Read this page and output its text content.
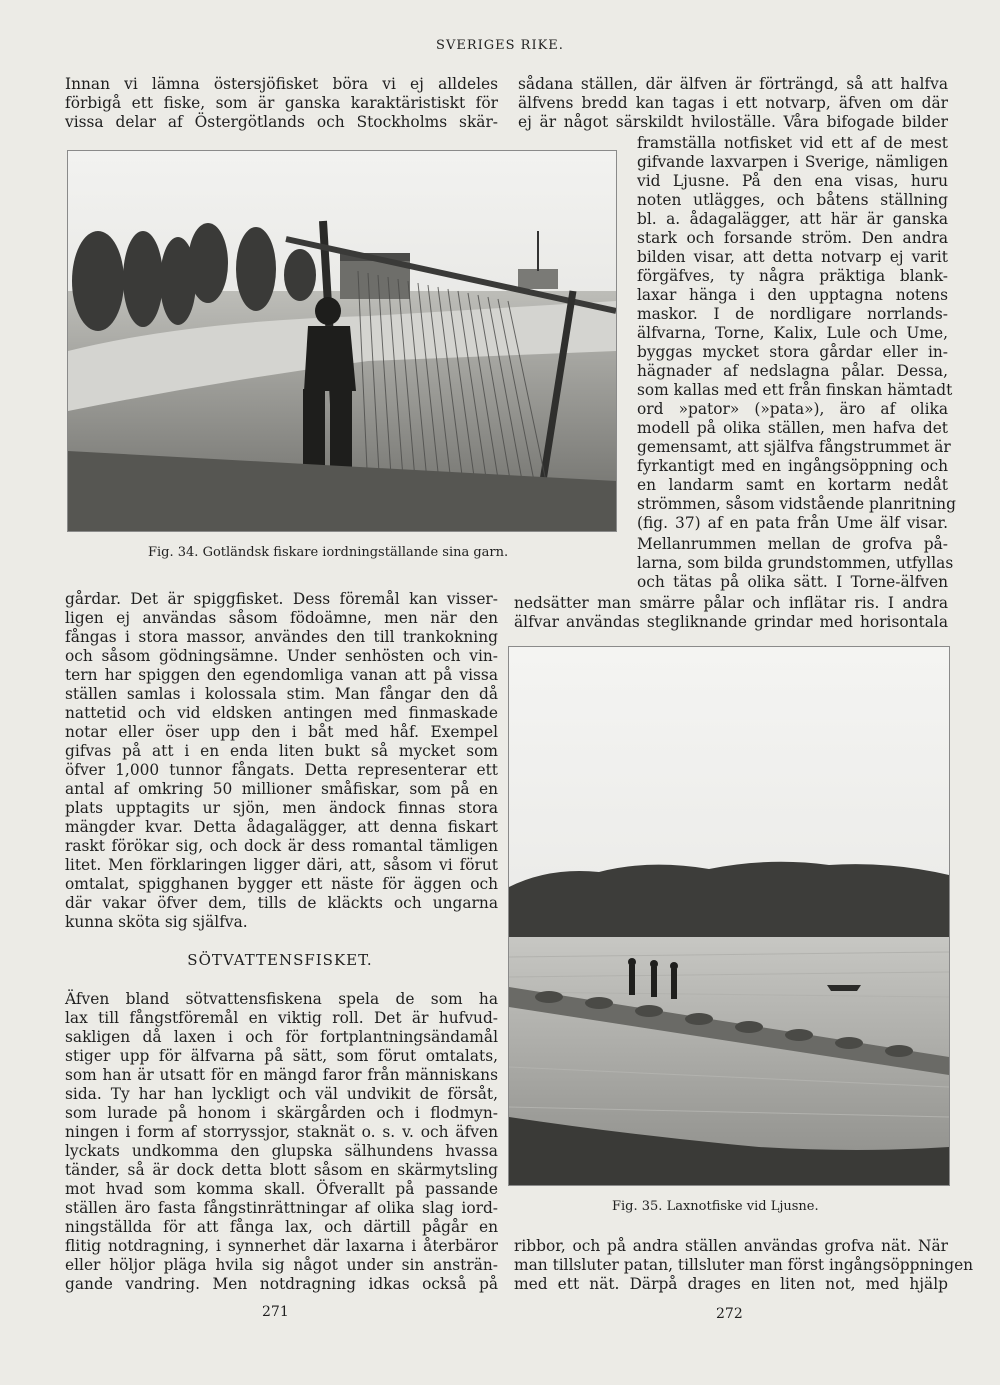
SVERIGES RIKE.
Innan vi lämna östersjöfisket böra vi ej alldeles
förbigå ett fiske, som är ganska karaktäristiskt för
vissa delar af Östergötlands och Stockholms skär-
Fig. 34. Gotländsk fiskare iordningställande sina garn.
gårdar. Det är spiggfisket. Dess föremål kan visser-
ligen ej användas såsom födoämne, men när den
fångas i stora massor, användes den till trankokning
och såsom gödningsämne. Under senhösten och vin-
tern har spiggen den egendomliga vanan att på vissa
ställen samlas i kolossala stim. Man fångar den då
nattetid och vid eldsken antingen med finmaskade
notar eller öser upp den i båt med håf. Exempel
gifvas på att i en enda liten bukt så mycket som
öfver 1,000 tunnor fångats. Detta representerar ett
antal af omkring 50 millioner småfiskar, som på en
plats upptagits ur sjön, men ändock finnas stora
mängder kvar. Detta ådagalägger, att denna fiskart
raskt förökar sig, och dock är dess romantal tämligen
litet. Men förklaringen ligger däri, att, såsom vi förut
omtalat, spigghanen bygger ett näste för äggen och
där vakar öfver dem, tills de kläckts och ungarna
kunna sköta sig själfva.
SÖTVATTENSFISKET.
Äfven bland sötvattensfiskena spela de som ha
lax till fångstföremål en viktig roll. Det är hufvud-
sakligen då laxen i och för fortplantningsändamål
stiger upp för älfvarna på sätt, som förut omtalats,
som han är utsatt för en mängd faror från människans
sida. Ty har han lyckligt och väl undvikit de försåt,
som lurade på honom i skärgården och i flodmyn-
ningen i form af storryssjor, staknät o. s. v. och äfven
lyckats undkomma den glupska sälhundens hvassa
tänder, så är dock detta blott såsom en skärmytsling
mot hvad som komma skall. Öfverallt på passande
ställen äro fasta fångstinrättningar af olika slag iord-
ningställda för att fånga lax, och därtill pågår en
flitig notdragning, i synnerhet där laxarna i återbäror
eller höljor pläga hvila sig något under sin ansträn-
gande vandring. Men notdragning idkas också på
271
sådana ställen, där älfven är förträngd, så att halfva
älfvens bredd kan tagas i ett notvarp, äfven om där
ej är något särskildt hviloställe. Våra bifogade bilder
framställa notfisket vid ett af de mest
gifvande laxvarpen i Sverige, nämligen
vid Ljusne. På den ena visas, huru
noten utlägges, och båtens ställning
bl. a. ådagalägger, att här är ganska
stark och forsande ström. Den andra
bilden visar, att detta notvarp ej varit
förgäfves, ty några präktiga blank-
laxar hänga i den upptagna notens
maskor. I de nordligare norrlands-
älfvarna, Torne, Kalix, Lule och Ume,
byggas mycket stora gårdar eller in-
hägnader af nedslagna pålar. Dessa,
som kallas med ett från finskan hämtadt
ord »pator» (»pata»), äro af olika
modell på olika ställen, men hafva det
gemensamt, att själfva fångstrummet är
fyrkantigt med en ingångsöppning och
en landarm samt en kortarm nedåt
strömmen, såsom vidstående planritning
(fig. 37) af en pata från Ume älf visar.
Mellanrummen mellan de grofva på-
larna, som bilda grundstommen, utfyllas
och tätas på olika sätt. I Torne-älfven
nedsätter man smärre pålar och inflätar ris. I andra
älfvar användas stegliknande grindar med horisontala
Fig. 35. Laxnotfiske vid Ljusne.
ribbor, och på andra ställen användas grofva nät. När
man tillsluter patan, tillsluter man först ingångsöppningen
med ett nät. Därpå drages en liten not, med hjälp
272
